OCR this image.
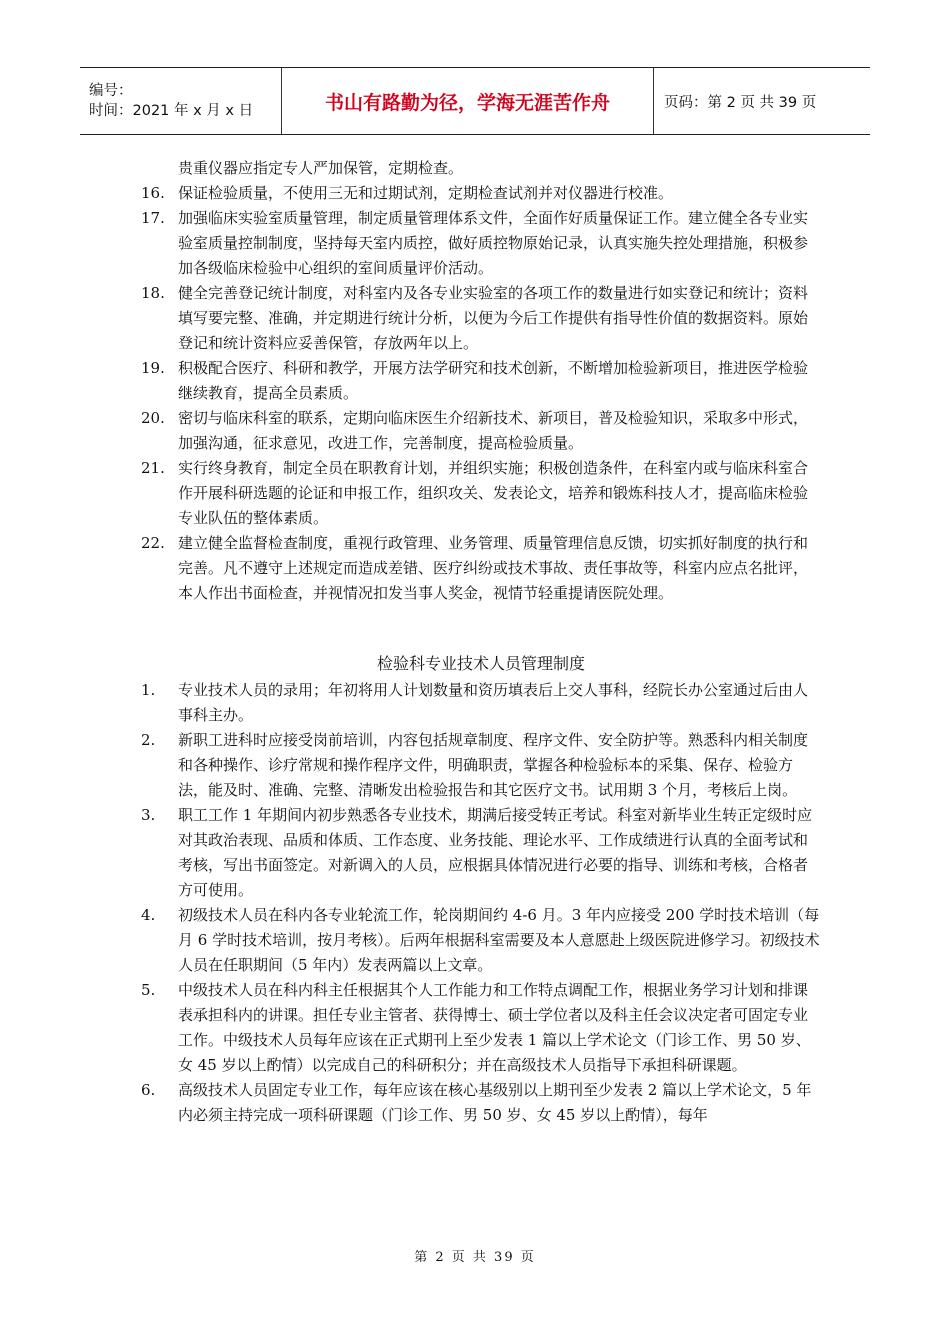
编号：
时间：2021 年 x 月 x 日	书山有路勤为径，学海无涯苦作舟	页码：第 2 页 共 39 页
贵重仪器应指定专人严加保管，定期检查。
16. 保证检验质量，不使用三无和过期试剂，定期检查试剂并对仪器进行校准。
17. 加强临床实验室质量管理，制定质量管理体系文件，全面作好质量保证工作。建立健全各专业实验室质量控制制度，坚持每天室内质控，做好质控物原始记录，认真实施失控处理措施，积极参加各级临床检验中心组织的室间质量评价活动。
18. 健全完善登记统计制度，对科室内及各专业实验室的各项工作的数量进行如实登记和统计；资料填写要完整、准确，并定期进行统计分析，以便为今后工作提供有指导性价值的数据资料。原始登记和统计资料应妥善保管，存放两年以上。
19. 积极配合医疗、科研和教学，开展方法学研究和技术创新，不断增加检验新项目，推进医学检验继续教育，提高全员素质。
20. 密切与临床科室的联系，定期向临床医生介绍新技术、新项目，普及检验知识，采取多中形式，加强沟通，征求意见，改进工作，完善制度，提高检验质量。
21. 实行终身教育，制定全员在职教育计划，并组织实施；积极创造条件，在科室内或与临床科室合作开展科研选题的论证和申报工作，组织攻关、发表论文，培养和锻炼科技人才，提高临床检验专业队伍的整体素质。
22. 建立健全监督检查制度，重视行政管理、业务管理、质量管理信息反馈，切实抓好制度的执行和完善。凡不遵守上述规定而造成差错、医疗纠纷或技术事故、责任事故等，科室内应点名批评，本人作出书面检查，并视情况扣发当事人奖金，视情节轻重提请医院处理。
检验科专业技术人员管理制度
1.	专业技术人员的录用；年初将用人计划数量和资历填表后上交人事科，经院长办公室通过后由人事科主办。
2.	新职工进科时应接受岗前培训，内容包括规章制度、程序文件、安全防护等。熟悉科内相关制度和各种操作、诊疗常规和操作程序文件，明确职责，掌握各种检验标本的采集、保存、检验方法，能及时、准确、完整、清晰发出检验报告和其它医疗文书。试用期 3 个月，考核后上岗。
3.	职工工作 1 年期间内初步熟悉各专业技术，期满后接受转正考试。科室对新毕业生转正定级时应对其政治表现、品质和体质、工作态度、业务技能、理论水平、工作成绩进行认真的全面考试和考核，写出书面签定。对新调入的人员，应根据具体情况进行必要的指导、训练和考核，合格者方可使用。
4.	初级技术人员在科内各专业轮流工作，轮岗期间约 4-6 月。3 年内应接受 200 学时技术培训（每月 6 学时技术培训，按月考核）。后两年根据科室需要及本人意愿赴上级医院进修学习。初级技术人员在任职期间（5 年内）发表两篇以上文章。
5.	中级技术人员在科内科主任根据其个人工作能力和工作特点调配工作，根据业务学习计划和排课表承担科内的讲课。担任专业主管者、获得博士、硕士学位者以及科主任会议决定者可固定专业工作。中级技术人员每年应该在正式期刊上至少发表 1 篇以上学术论文（门诊工作、男 50 岁、女 45 岁以上酌情）以完成自己的科研积分；并在高级技术人员指导下承担科研课题。
6.	高级技术人员固定专业工作，每年应该在核心基级别以上期刊至少发表 2 篇以上学术论文，5 年内必须主持完成一项科研课题（门诊工作、男 50 岁、女 45 岁以上酌情），每年
第 2 页 共 39 页
